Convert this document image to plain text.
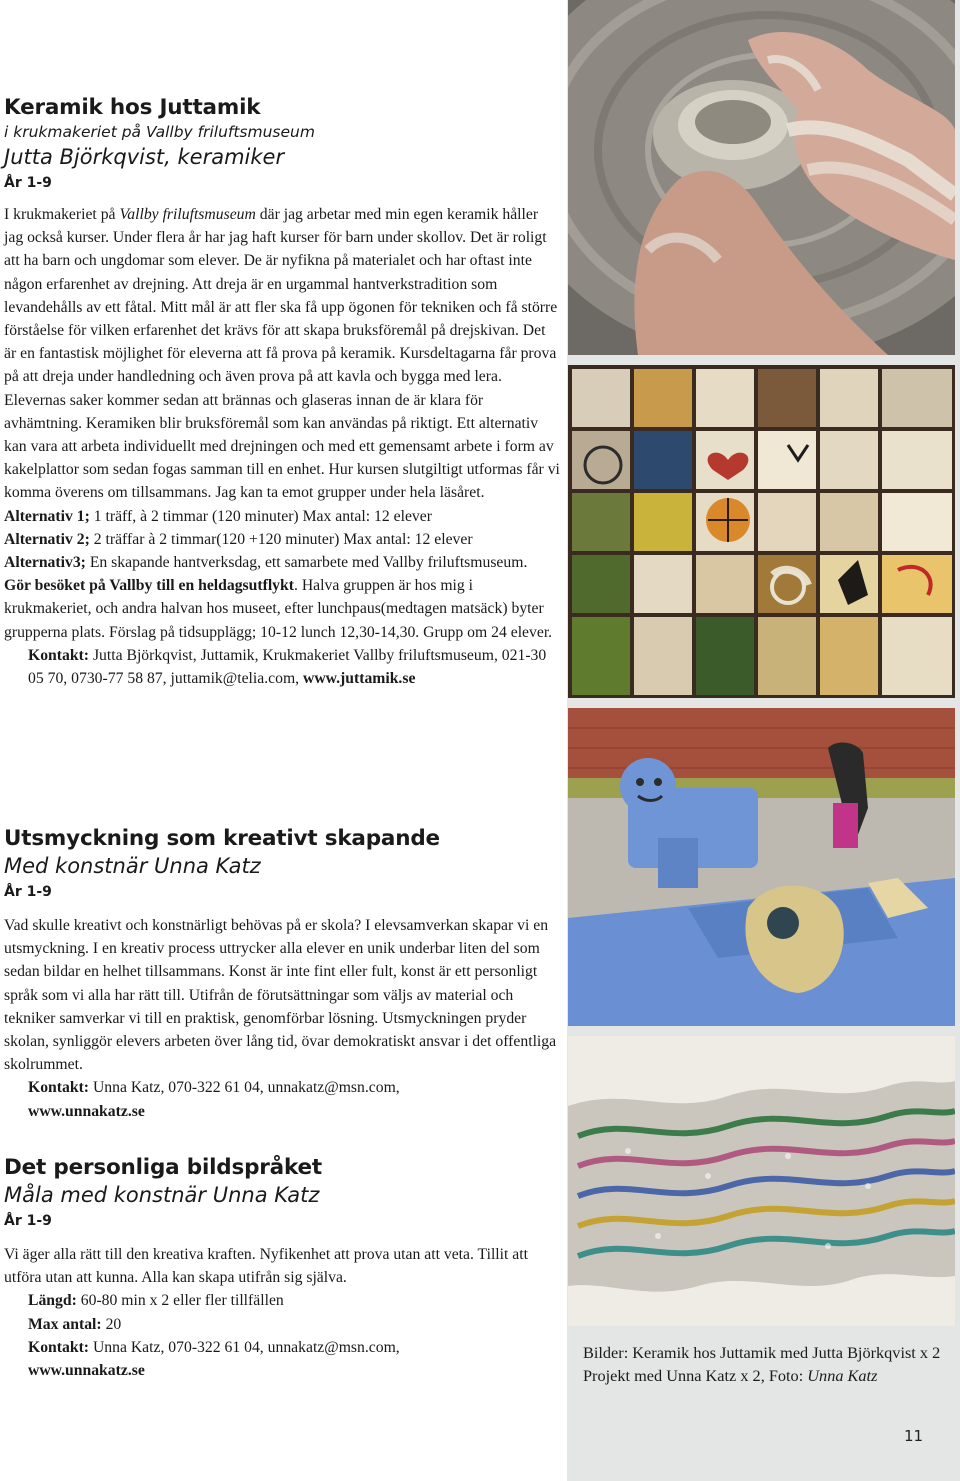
Keramik hos Juttamik
i krukmakeriet på Vallby friluftsmuseum
Jutta Björkqvist, keramiker
År 1-9

I krukmakeriet på Vallby friluftsmuseum där jag arbetar med min egen keramik håller jag också kurser. Under flera år har jag haft kurser för barn under skollov. Det är roligt att ha barn och ungdomar som elever. De är nyfikna på materialet och har oftast inte någon erfarenhet av drejning. Att dreja är en urgammal hantverkstradition som levandehålls av ett fåtal. Mitt mål är att fler ska få upp ögonen för tekniken och få större förståelse för vilken erfarenhet det krävs för att skapa bruksföremål på drejskivan. Det är en fantastisk möjlighet för eleverna att få prova på keramik. Kursdeltagarna får prova på att dreja under handledning och även prova på att kavla och bygga med lera. Elevernas saker kommer sedan att brännas och glaseras innan de är klara för avhämtning. Keramiken blir bruksföremål som kan användas på riktigt. Ett alternativ kan vara att arbeta individuellt med drejningen och med ett gemensamt arbete i form av kakelplattor som sedan fogas samman till en enhet. Hur kursen slutgiltigt utformas får vi komma överens om tillsammans. Jag kan ta emot grupper under hela läsåret.

Alternativ 1; 1 träff, à 2 timmar (120 minuter) Max antal: 12 elever

Alternativ 2; 2 träffar à 2 timmar(120 +120 minuter) Max antal: 12 elever

Alternativ3; En skapande hantverksdag, ett samarbete med Vallby friluftsmuseum.

Gör besöket på Vallby till en heldagsutflykt. Halva gruppen är hos mig i krukmakeriet, och andra halvan hos museet, efter lunchpaus(medtagen matsäck) byter grupperna plats. Förslag på tidsupplägg; 10-12 lunch 12,30-14,30. Grupp om 24 elever.

Kontakt: Jutta Björkqvist, Juttamik, Krukmakeriet Vallby friluftsmuseum, 021-30 05 70, 0730-77 58 87, juttamik@telia.com, www.juttamik.se

Utsmyckning som kreativt skapande
Med konstnär Unna Katz
År 1-9

Vad skulle kreativt och konstnärligt behövas på er skola? I elevsamverkan skapar vi en utsmyckning. I en kreativ process uttrycker alla elever en unik underbar liten del som sedan bildar en helhet tillsammans. Konst är inte fint eller fult, konst är ett personligt språk som vi alla har rätt till. Utifrån de förutsättningar som väljs av material och tekniker samverkar vi till en praktisk, genomförbar lösning. Utsmyckningen pryder skolan, synliggör elevers arbeten över lång tid, övar demokratiskt ansvar i det offentliga skolrummet.

Kontakt: Unna Katz, 070-322 61 04, unnakatz@msn.com,
www.unnakatz.se

Det personliga bildspråket
Måla med konstnär Unna Katz
År 1-9

Vi äger alla rätt till den kreativa kraften. Nyfikenhet att prova utan att veta. Tillit att utföra utan att kunna. Alla kan skapa utifrån sig själva.

Längd: 60-80 min x 2 eller fler tillfällen

Max antal: 20

Kontakt: Unna Katz, 070-322 61 04, unnakatz@msn.com,
www.unnakatz.se

Bilder: Keramik hos Juttamik med Jutta Björkqvist x 2
Projekt med Unna Katz x 2, Foto: Unna Katz
11
